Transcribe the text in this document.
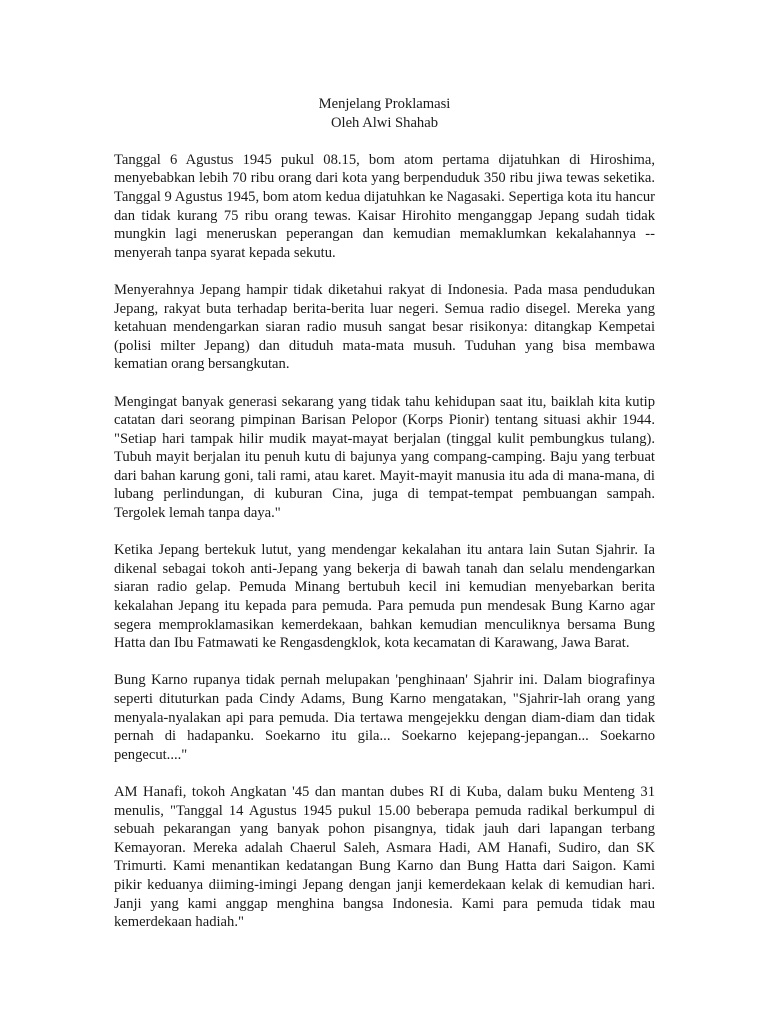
Menjelang Proklamasi
Oleh Alwi Shahab

Tanggal 6 Agustus 1945 pukul 08.15, bom atom pertama dijatuhkan di Hiroshima, menyebabkan lebih 70 ribu orang dari kota yang berpenduduk 350 ribu jiwa tewas seketika. Tanggal 9 Agustus 1945, bom atom kedua dijatuhkan ke Nagasaki. Sepertiga kota itu hancur dan tidak kurang 75 ribu orang tewas. Kaisar Hirohito menganggap Jepang sudah tidak mungkin lagi meneruskan peperangan dan kemudian memaklumkan kekalahannya --menyerah tanpa syarat kepada sekutu.

Menyerahnya Jepang hampir tidak diketahui rakyat di Indonesia. Pada masa pendudukan Jepang, rakyat buta terhadap berita-berita luar negeri. Semua radio disegel. Mereka yang ketahuan mendengarkan siaran radio musuh sangat besar risikonya: ditangkap Kempetai (polisi milter Jepang) dan dituduh mata-mata musuh. Tuduhan yang bisa membawa kematian orang bersangkutan.

Mengingat banyak generasi sekarang yang tidak tahu kehidupan saat itu, baiklah kita kutip catatan dari seorang pimpinan Barisan Pelopor (Korps Pionir) tentang situasi akhir 1944. "Setiap hari tampak hilir mudik mayat-mayat berjalan (tinggal kulit pembungkus tulang). Tubuh mayit berjalan itu penuh kutu di bajunya yang compang-camping. Baju yang terbuat dari bahan karung goni, tali rami, atau karet. Mayit-mayit manusia itu ada di mana-mana, di lubang perlindungan, di kuburan Cina, juga di tempat-tempat pembuangan sampah. Tergolek lemah tanpa daya."

Ketika Jepang bertekuk lutut, yang mendengar kekalahan itu antara lain Sutan Sjahrir. Ia dikenal sebagai tokoh anti-Jepang yang bekerja di bawah tanah dan selalu mendengarkan siaran radio gelap. Pemuda Minang bertubuh kecil ini kemudian menyebarkan berita kekalahan Jepang itu kepada para pemuda. Para pemuda pun mendesak Bung Karno agar segera memproklamasikan kemerdekaan, bahkan kemudian menculiknya bersama Bung Hatta dan Ibu Fatmawati ke Rengasdengklok, kota kecamatan di Karawang, Jawa Barat.

Bung Karno rupanya tidak pernah melupakan 'penghinaan' Sjahrir ini. Dalam biografinya seperti dituturkan pada Cindy Adams, Bung Karno mengatakan, "Sjahrir-lah orang yang menyala-nyalakan api para pemuda. Dia tertawa mengejekku dengan diam-diam dan tidak pernah di hadapanku. Soekarno itu gila... Soekarno kejepang-jepangan... Soekarno pengecut...."

AM Hanafi, tokoh Angkatan '45 dan mantan dubes RI di Kuba, dalam buku Menteng 31 menulis, "Tanggal 14 Agustus 1945 pukul 15.00 beberapa pemuda radikal berkumpul di sebuah pekarangan yang banyak pohon pisangnya, tidak jauh dari lapangan terbang Kemayoran. Mereka adalah Chaerul Saleh, Asmara Hadi, AM Hanafi, Sudiro, dan SK Trimurti. Kami menantikan kedatangan Bung Karno dan Bung Hatta dari Saigon. Kami pikir keduanya diiming-imingi Jepang dengan janji kemerdekaan kelak di kemudian hari. Janji yang kami anggap menghina bangsa Indonesia. Kami para pemuda tidak mau kemerdekaan hadiah."
